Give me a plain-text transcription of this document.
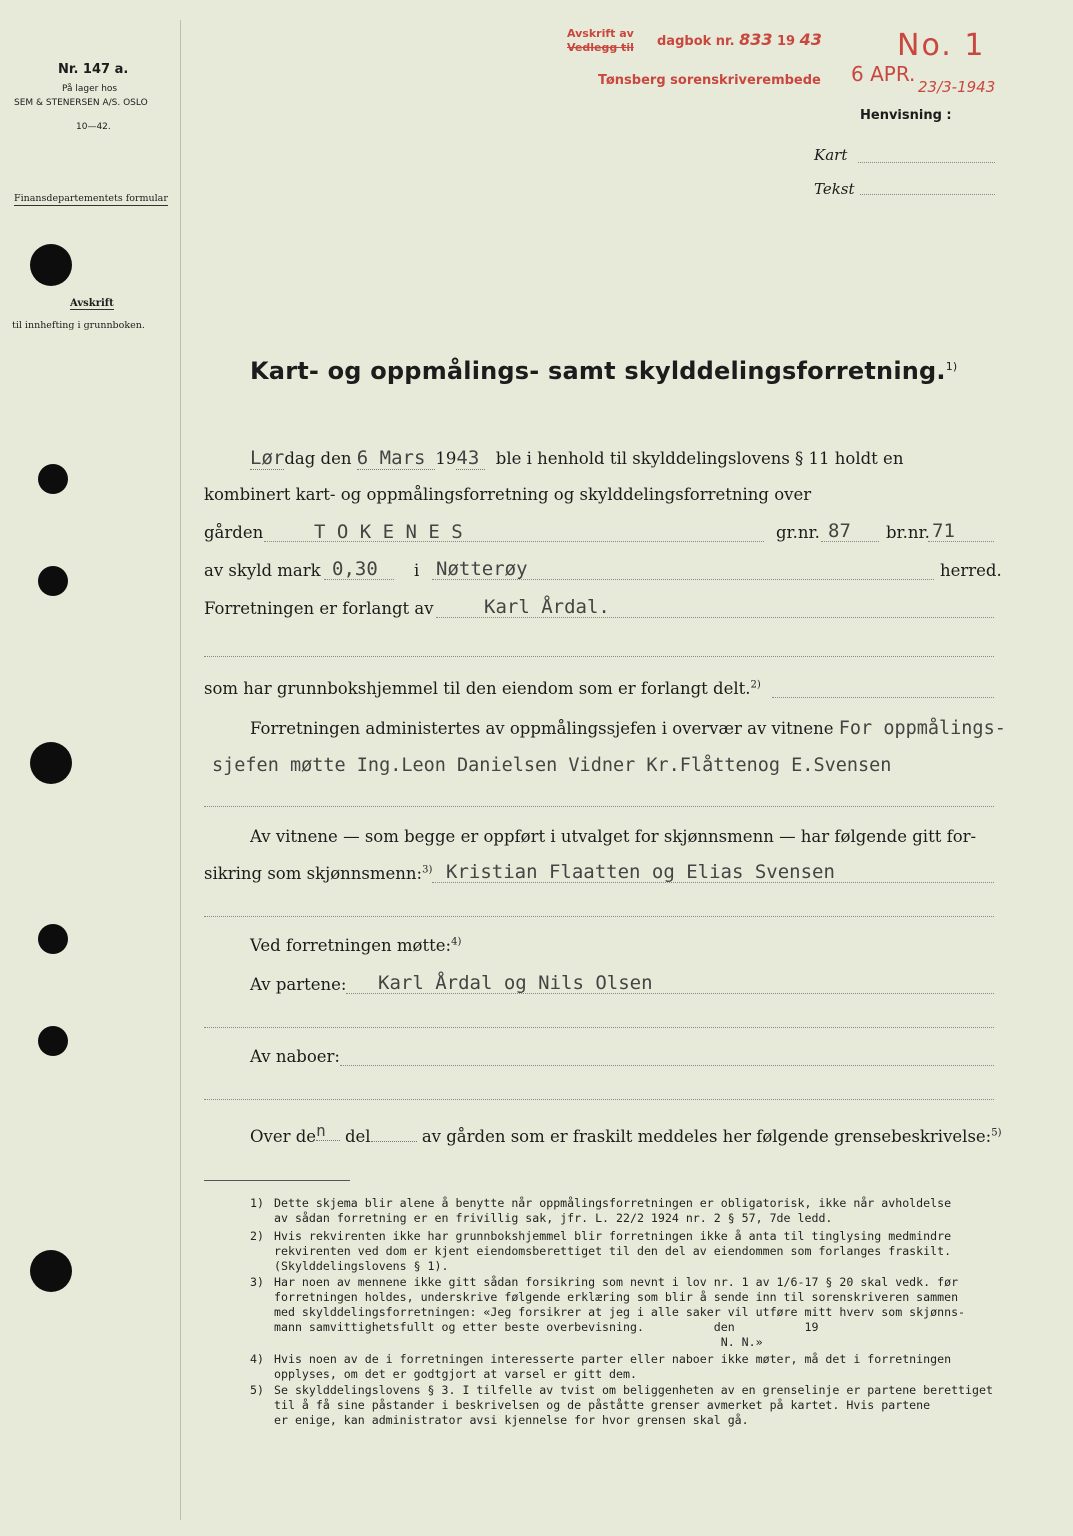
Nr. 147 a.
På lager hos
SEM & STENERSEN A/S. OSLO
10—42.
Finansdepartementets formular
Avskrift
til innhefting i grunnboken.
Avskrift av
Vedlegg til dagbok nr. 833 19 43
Tønsberg sorenskriverembede 6 APR.
No. 1
23/3-1943
Henvisning :
Kart
Tekst
Kart- og oppmålings- samt skylddelingsforretning.$^{1)}$
Lørdag den 6 Mars 1943 ble i henhold til skylddelingslovens § 11 holdt en
kombinert kart- og oppmålingsforretning og skylddelingsforretning over
gården	T O K E N E S	gr.nr. 87 br.nr. 71
av skyld mark 0,30 i Nøtterøy	herred.
Forretningen er forlangt av	Karl Årdal.
som har grunnbokshjemmel til den eiendom som er forlangt delt.$^{2)}$
Forretningen administertes av oppmålingssjefen i overvær av vitnene For oppmålings-
sjefen møtte Ing.Leon Danielsen Vidner Kr.Flåttenog E.Svensen
Av vitnene — som begge er oppført i utvalget for skjønnsmenn — har følgende gitt for-
sikring som skjønnsmenn:$^{3)}$ Kristian Flaatten og Elias Svensen
Ved forretningen møtte:$^{4)}$
Av partene: Karl Årdal og Nils Olsen
Av naboer:
Over den del	av gården som er fraskilt meddeles her følgende grensebeskrivelse:$^{5)}$
1) Dette skjema blir alene å benytte når oppmålingsforretningen er obligatorisk, ikke når avholdelse
av sådan forretning er en frivillig sak, jfr. L. 22/2 1924 nr. 2 § 57, 7de ledd.
2) Hvis rekvirenten ikke har grunnbokshjemmel blir forretningen ikke å anta til tinglysing medmindre
rekvirenten ved dom er kjent eiendomsberettiget til den del av eiendommen som forlanges fraskilt.
(Skylddelingslovens § 1).
3) Har noen av mennene ikke gitt sådan forsikring som nevnt i lov nr. 1 av 1/6-17 § 20 skal vedk. før
forretningen holdes, underskrive følgende erklæring som blir å sende inn til sorenskriveren sammen
med skylddelingsforretningen: «Jeg forsikrer at jeg i alle saker vil utføre mitt hverv som skjønns-
mann samvittighetsfullt og etter beste overbevisning.          den          19
N. N.»
4) Hvis noen av de i forretningen interesserte parter eller naboer ikke møter, må det i forretningen
opplyses, om det er godtgjort at varsel er gitt dem.
5) Se skylddelingslovens § 3. I tilfelle av tvist om beliggenheten av en grenselinje er partene berettiget
til å få sine påstander i beskrivelsen og de påståtte grenser avmerket på kartet. Hvis partene
er enige, kan administrator avsi kjennelse for hvor grensen skal gå.
